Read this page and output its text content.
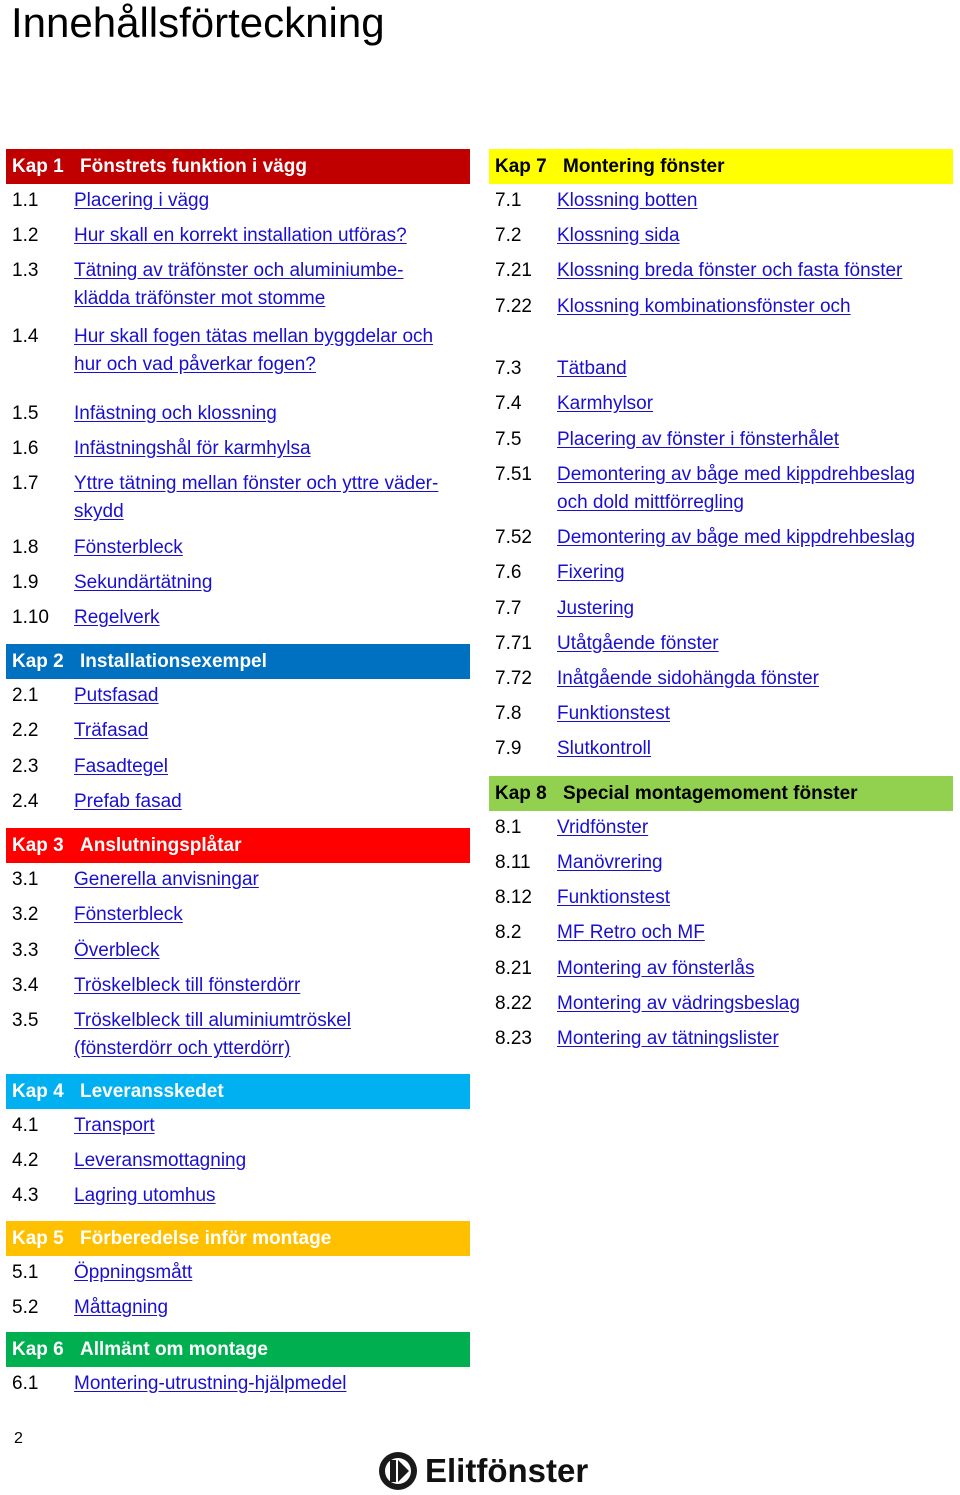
Innehållsförteckning
Kap 1 Fönstrets funktion i vägg
1.1	Placering i vägg
1.2	Hur skall en korrekt installation utföras?
1.3	Tätning av träfönster och aluminiumbe-
klädda träfönster mot stomme
1.4	Hur skall fogen tätas mellan byggdelar och
hur och vad påverkar fogen?
1.5	Infästning och klossning
1.6	Infästningshål för karmhylsa
1.7	Yttre tätning mellan fönster och yttre väder-
skydd
1.8	Fönsterbleck
1.9	Sekundärtätning
1.10	Regelverk
Kap 2 Installationsexempel
2.1	Putsfasad
2.2	Träfasad
2.3	Fasadtegel
2.4	Prefab fasad
Kap 3 Anslutningsplåtar
3.1	Generella anvisningar
3.2	Fönsterbleck
3.3	Överbleck
3.4	Tröskelbleck till fönsterdörr
3.5	Tröskelbleck till aluminiumtröskel
(fönsterdörr och ytterdörr)
Kap 4 Leveransskedet
4.1	Transport
4.2	Leveransmottagning
4.3	Lagring utomhus
Kap 5 Förberedelse inför montage
5.1	Öppningsmått
5.2	Måttagning
Kap 6 Allmänt om montage
6.1	Montering-utrustning-hjälpmedel
Kap 7 Montering fönster
7.1	Klossning botten
7.2	Klossning sida
7.21	Klossning breda fönster och fasta fönster
7.22	Klossning kombinationsfönster och
7.3	Tätband
7.4	Karmhylsor
7.5	Placering av fönster i fönsterhålet
7.51	Demontering av båge med kippdrehbeslag
och dold mittförregling
7.52	Demontering av båge med kippdrehbeslag
7.6	Fixering
7.7	Justering
7.71	Utåtgående fönster
7.72	Inåtgående sidohängda fönster
7.8	Funktionstest
7.9	Slutkontroll
Kap 8 Special montagemoment fönster
8.1	Vridfönster
8.11	Manövrering
8.12	Funktionstest
8.2	MF Retro och MF
8.21	Montering av fönsterlås
8.22	Montering av vädringsbeslag
8.23	Montering av tätningslister
2
Elitfönster
